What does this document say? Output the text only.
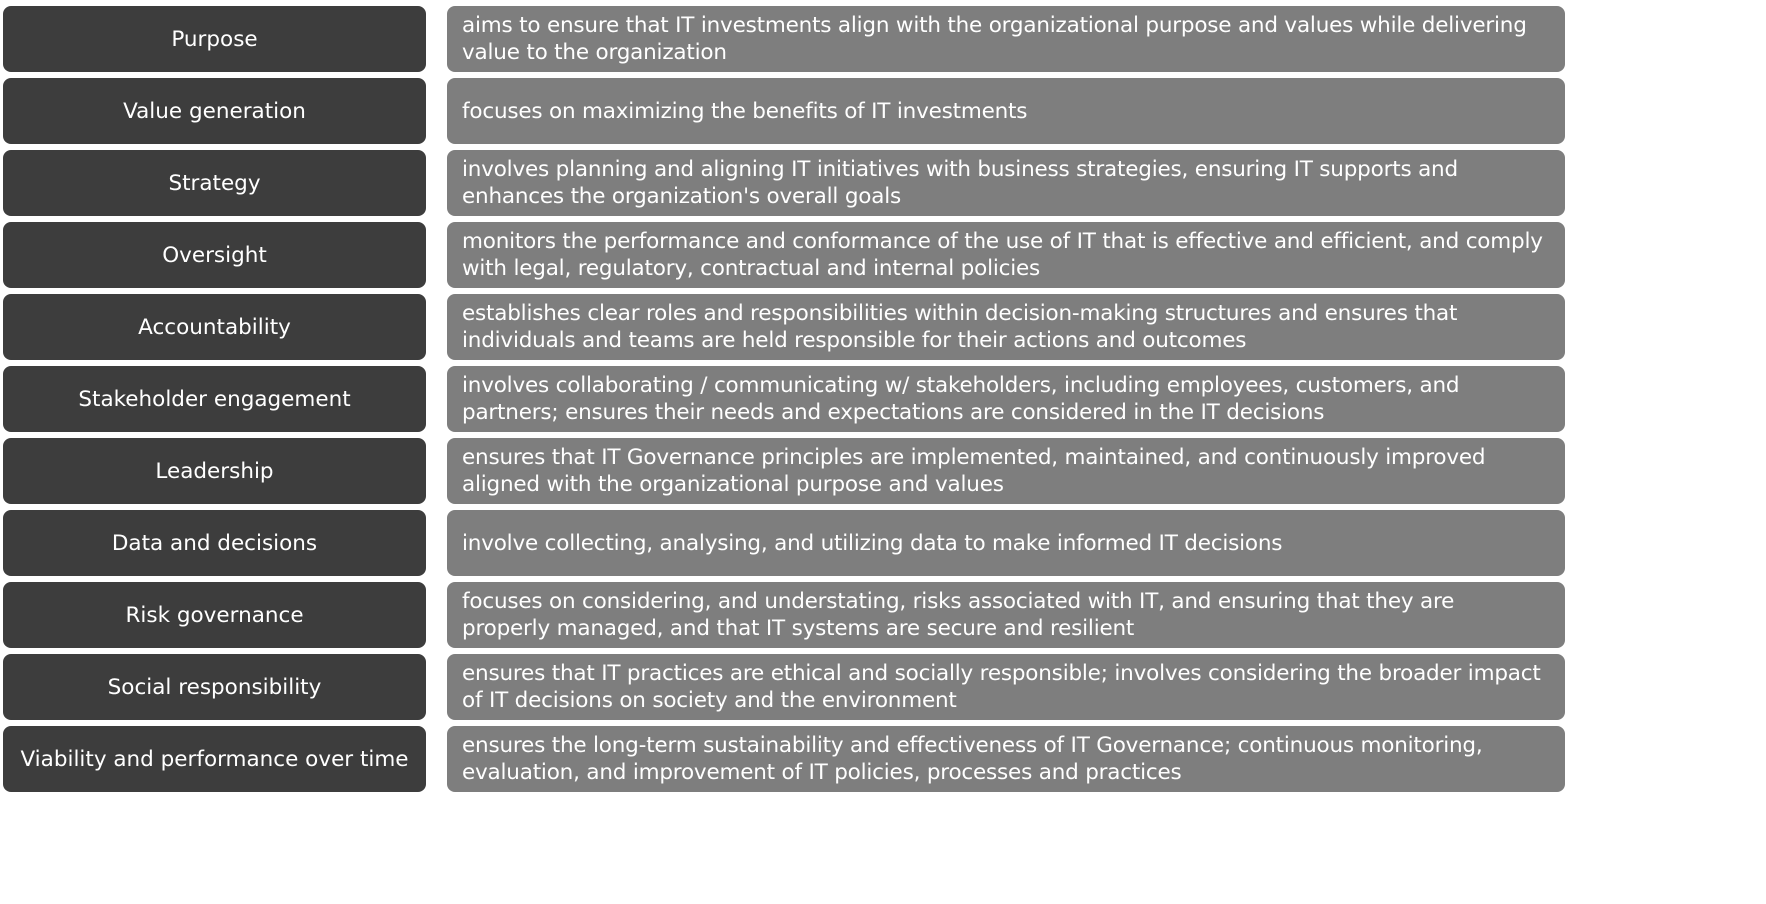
Purpose
aims to ensure that IT investments align with the organizational purpose and values while delivering value to the organization
Value generation	focuses on maximizing the benefits of IT investments
Strategy
involves planning and aligning IT initiatives with business strategies, ensuring IT supports and enhances the organization's overall goals
Oversight
monitors the performance and conformance of the use of IT that is effective and efficient, and comply with legal, regulatory, contractual and internal policies
Accountability
establishes clear roles and responsibilities within decision-making structures and ensures that individuals and teams are held responsible for their actions and outcomes
Stakeholder engagement
involves collaborating / communicating w/ stakeholders, including employees, customers, and partners; ensures their needs and expectations are considered in the IT decisions
Leadership
ensures that IT Governance principles are implemented, maintained, and continuously improved aligned with the organizational purpose and values
Data and decisions	involve collecting, analysing, and utilizing data to make informed IT decisions
Risk governance
focuses on considering, and understating, risks associated with IT, and ensuring that they are properly managed, and that IT systems are secure and resilient
Social responsibility
ensures that IT practices are ethical and socially responsible; involves considering the broader impact of IT decisions on society and the environment
Viability and performance over time
ensures the long-term sustainability and effectiveness of IT Governance; continuous monitoring, evaluation, and improvement of IT policies, processes and practices
